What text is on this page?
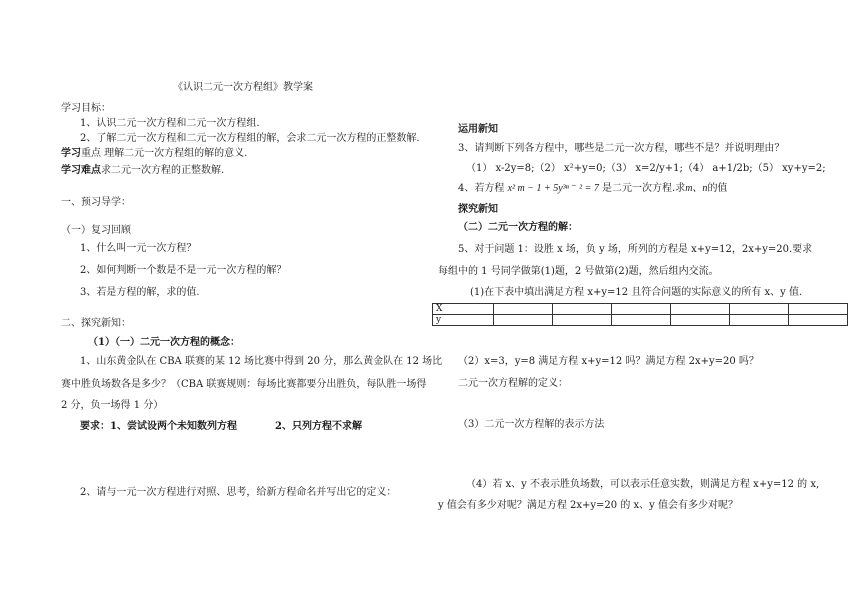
《认识二元一次方程组》教学案
学习目标：
1、认识二元一次方程和二元一次方程组.
2、了解二元一次方程和二元一次方程组的解，会求二元一次方程的正整数解.
学习重点 理解二元一次方程组的解的意义.
学习难点求二元一次方程的正整数解.
一、预习导学：
（一）复习回顾
1、什么叫一元一次方程？
2、如何判断一个数是不是一元一次方程的解？
3、若是方程的解，求的值.
二、探究新知：
（1）（一）二元一次方程的概念：
1、山东黄金队在 CBA 联赛的某 12 场比赛中得到 20 分，那么黄金队在 12 场比
赛中胜负场数各是多少？（CBA 联赛规则：每场比赛都要分出胜负，每队胜一场得
2 分，负一场得 1 分）
要求：1、尝试设两个未知数列方程	2、只列方程不求解
2、请与一元一次方程进行对照、思考，给新方程命名并写出它的定义：
运用新知
3、请判断下列各方程中，哪些是二元一次方程，哪些不是？并说明理由？
（1） x-2y=8;（2） x²+y=0;（3） x=2/y+1;（4） a+1/2b;（5） xy+y=2;
4、若方程 x² m − 1 + 5y³ⁿ ⁻ ² = 7 是二元一次方程.求m、n的值
探究新知
（二）二元一次方程的解：
5、对于问题 1：设胜 x 场，负 y 场，所列的方程是 x+y=12，2x+y=20.要求
每组中的 1 号同学做第(1)题，2 号做第(2)题，然后组内交流。
(1)在下表中填出满足方程 x+y=12 且符合问题的实际意义的所有 x、y 值.
X						
y						
（2）x=3，y=8 满足方程 x+y=12 吗？满足方程 2x+y=20 吗？
二元一次方程解的定义：
（3）二元一次方程解的表示方法
（4）若 x、y 不表示胜负场数，可以表示任意实数，则满足方程 x+y=12 的 x,
y 值会有多少对呢？满足方程 2x+y=20 的 x、y 值会有多少对呢？
